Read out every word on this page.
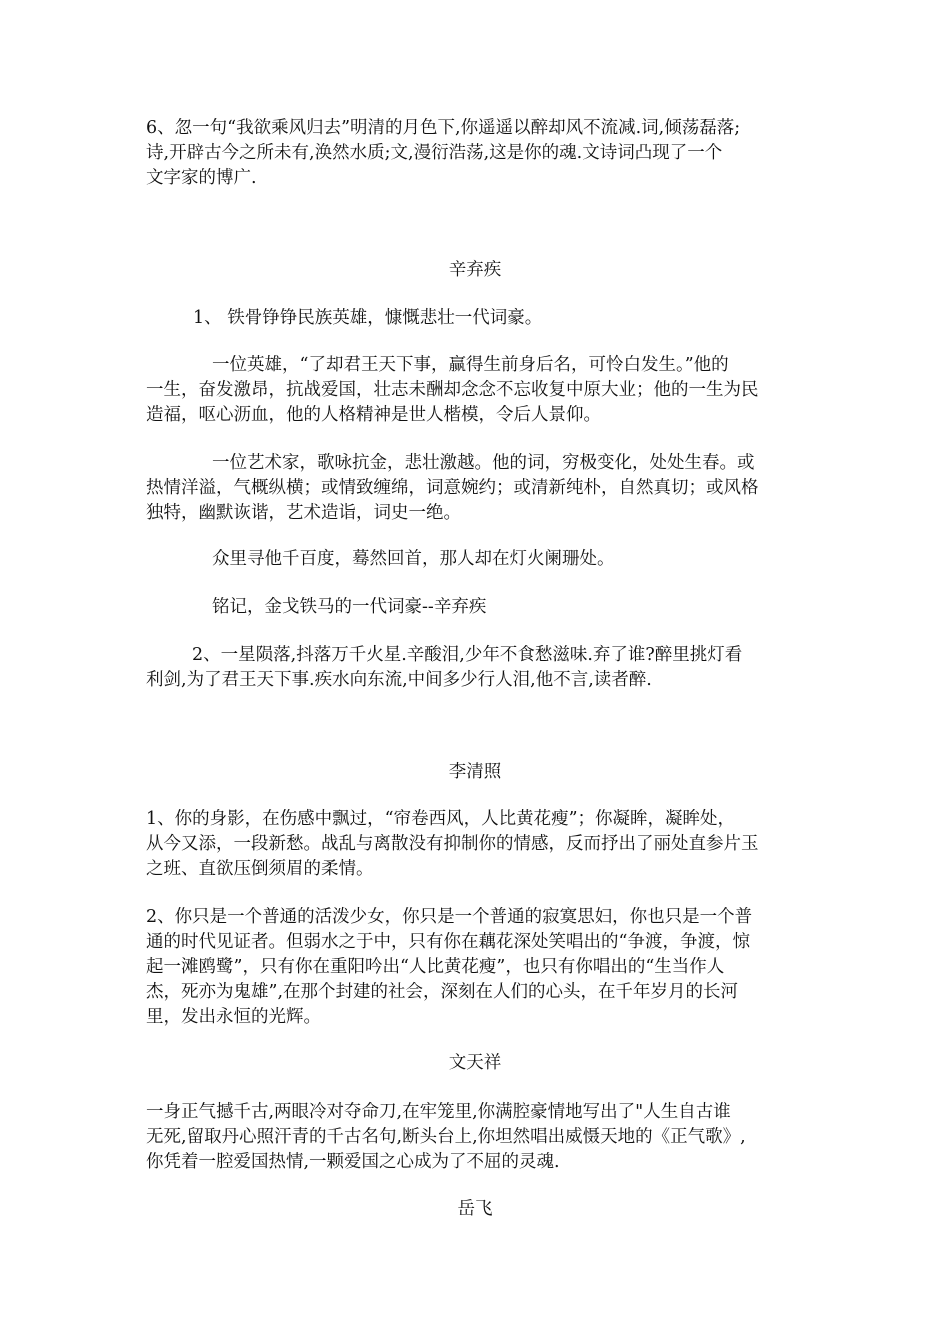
6、忽一句“我欲乘风归去”明清的月色下,你遥遥以醉却风不流减.词,倾荡磊落;
诗,开辟古今之所未有,涣然水质;文,漫衍浩荡,这是你的魂.文诗词凸现了一个
文字家的博广.
辛弃疾
1、 铁骨铮铮民族英雄，慷慨悲壮一代词豪。
一位英雄，“了却君王天下事，赢得生前身后名，可怜白发生。”他的
一生，奋发激昂，抗战爱国，壮志未酬却念念不忘收复中原大业；他的一生为民
造福，呕心沥血，他的人格精神是世人楷模，令后人景仰。
一位艺术家，歌咏抗金，悲壮激越。他的词，穷极变化，处处生春。或
热情洋溢，气概纵横；或情致缠绵，词意婉约；或清新纯朴，自然真切；或风格
独特，幽默诙谐，艺术造诣，词史一绝。
众里寻他千百度，蓦然回首，那人却在灯火阑珊处。
铭记，金戈铁马的一代词豪--辛弃疾
2、一星陨落,抖落万千火星.辛酸泪,少年不食愁滋味.弃了谁?醉里挑灯看
利剑,为了君王天下事.疾水向东流,中间多少行人泪,他不言,读者醉.
李清照
1、你的身影，在伤感中飘过，“帘卷西风，人比黄花瘦”；你凝眸，凝眸处，
从今又添，一段新愁。战乱与离散没有抑制你的情感，反而抒出了丽处直参片玉
之班、直欲压倒须眉的柔情。
2、你只是一个普通的活泼少女，你只是一个普通的寂寞思妇，你也只是一个普
通的时代见证者。但弱水之于中，只有你在藕花深处笑唱出的“争渡，争渡，惊
起一滩鸥鹭”，只有你在重阳吟出“人比黄花瘦”，也只有你唱出的“生当作人
杰，死亦为鬼雄”,在那个封建的社会，深刻在人们的心头，在千年岁月的长河
里，发出永恒的光辉。
文天祥
一身正气撼千古,两眼冷对夺命刀,在牢笼里,你满腔豪情地写出了"人生自古谁
无死,留取丹心照汗青的千古名句,断头台上,你坦然唱出威慑天地的《正气歌》,
你凭着一腔爱国热情,一颗爱国之心成为了不屈的灵魂.
岳飞
